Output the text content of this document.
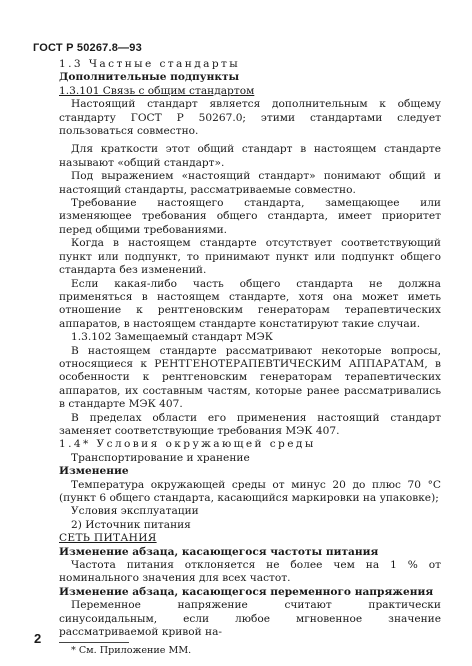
ГОСТ Р 50267.8—93

1.3 Частные стандарты

Дополнительные подпункты

1.3.101 Связь с общим стандартом

Настоящий стандарт является дополнительным к общему стандарту ГОСТ Р 50267.0; этими стандартами следует пользоваться совместно.

Для краткости этот общий стандарт в настоящем стандарте называют «общий стандарт».

Под выражением «настоящий стандарт» понимают общий и настоящий стандарты, рассматриваемые совместно.

Требование настоящего стандарта, замещающее или изменяющее требования общего стандарта, имеет приоритет перед общими требованиями.

Когда в настоящем стандарте отсутствует соответствующий пункт или подпункт, то принимают пункт или подпункт общего стандарта без изменений.

Если какая-либо часть общего стандарта не должна применяться в настоящем стандарте, хотя она может иметь отношение к рентгеновским генераторам терапевтических аппаратов, в настоящем стандарте констатируют такие случаи.

1.3.102 Замещаемый стандарт МЭК

В настоящем стандарте рассматривают некоторые вопросы, относящиеся к РЕНТГЕНОТЕРАПЕВТИЧЕСКИМ АППАРАТАМ, в особенности к рентгеновским генераторам терапевтических аппаратов, их составным частям, которые ранее рассматривались в стандарте МЭК 407.

В пределах области его применения настоящий стандарт заменяет соответствующие требования МЭК 407.

1.4* Условия окружающей среды

Транспортирование и хранение

Изменение

Температура окружающей среды от минус 20 до плюс 70 °С (пункт 6 общего стандарта, касающийся маркировки на упаковке);

Условия эксплуатации

2) Источник питания

СЕТЬ ПИТАНИЯ

Изменение абзаца, касающегося частоты питания

Частота питания отклоняется не более чем на 1 % от номинального значения для всех частот.

Изменение абзаца, касающегося переменного напряжения

Переменное напряжение считают практически синусоидальным, если любое мгновенное значение рассматриваемой кривой на-

* См. Приложение ММ.

2
